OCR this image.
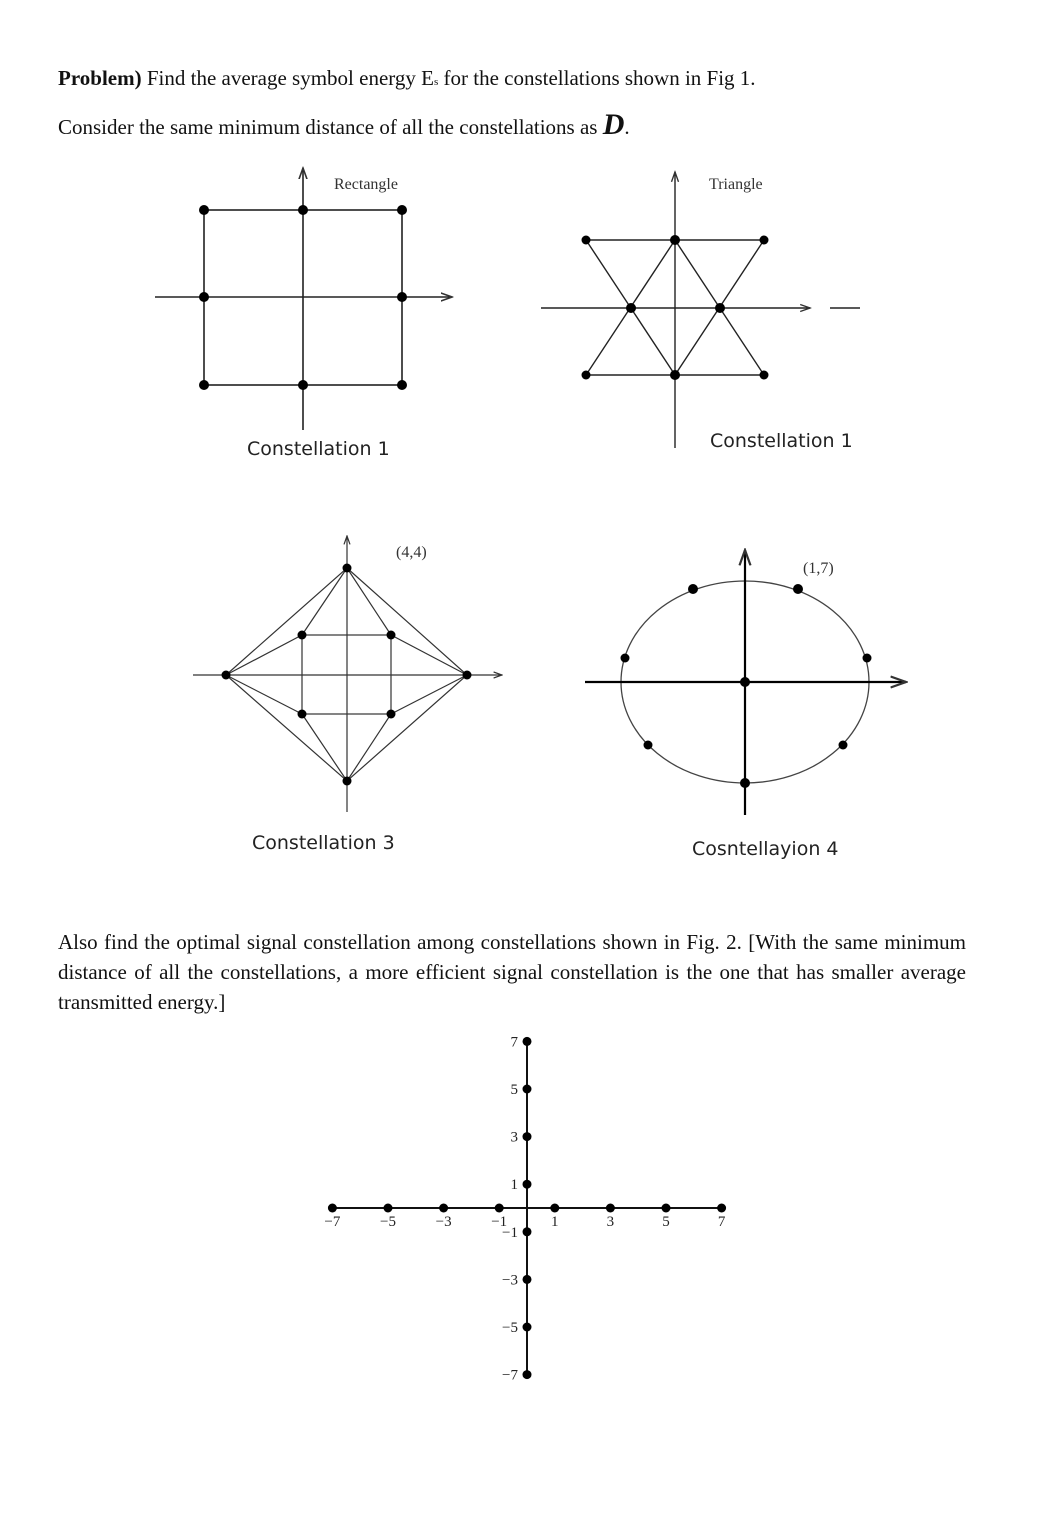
Problem) Find the average symbol energy Es for the constellations shown in Fig 1.

Consider the same minimum distance of all the constellations as D.

Also find the optimal signal constellation among constellations shown in Fig. 2. [With the same minimum distance of all the constellations, a more efficient signal constellation is the one that has smaller average transmitted energy.]

Rectangle
Constellation 1
Triangle
Constellation 1
(4,4)
Constellation 3
(1,7)
Cosntellayion 4
−7	−5	−3	−1	1	3	5	7
7
5
3
1
−1
−3
−5
−7
